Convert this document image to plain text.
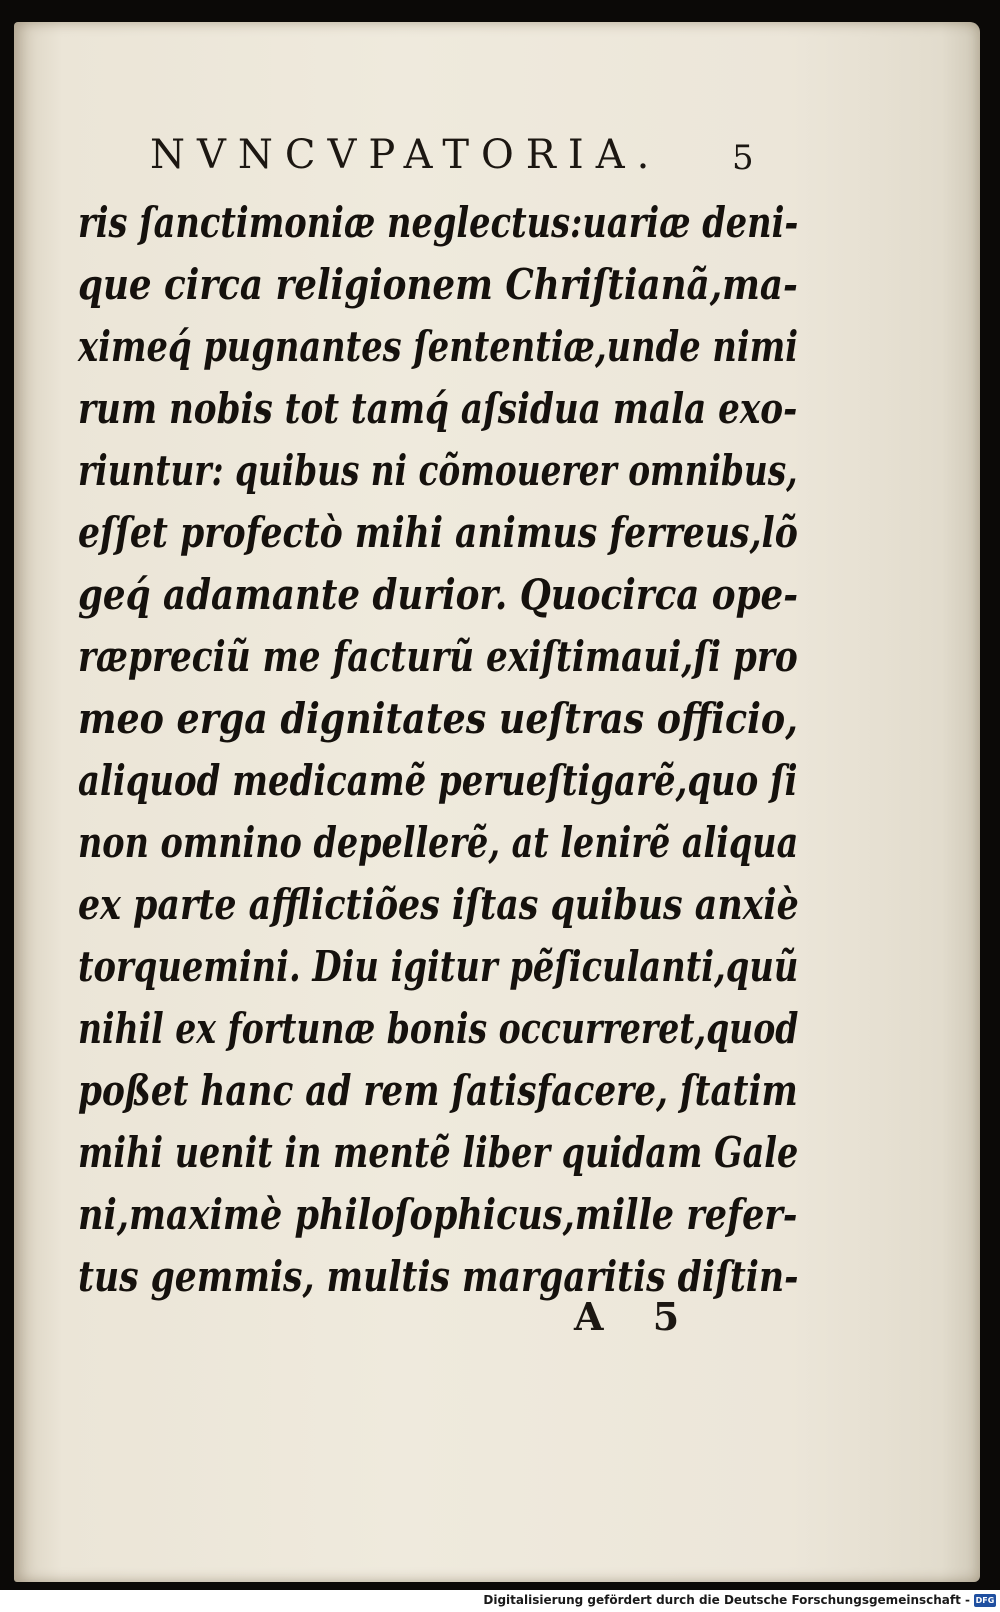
NVNCVPATORIA. 5
ris ſanctimoniæ neglectus:uariæ deni-
que circa religionem Chriſtianã,ma-
ximeq́ pugnantes ſententiæ,unde nimi
rum nobis tot tamq́ aſsidua mala exo-
riuntur: quibus ni cõmouerer omnibus,
eſſet profectò mihi animus ferreus,lõ
geq́ adamante durior. Quocirca ope-
ræpreciũ me facturũ exiſtimaui,ſi pro
meo erga dignitates ueſtras officio,
aliquod medicamẽ perueſtigarẽ,quo ſi
non omnino depellerẽ, at lenirẽ aliqua
ex parte afflictiões iſtas quibus anxiè
torquemini. Diu igitur pẽſiculanti,quũ
nihil ex fortunæ bonis occurreret,quod
poßet hanc ad rem ſatisfacere, ſtatim
mihi uenit in mentẽ liber quidam Gale
ni,maximè philoſophicus,mille refer-
tus gemmis, multis margaritis diſtin-
A 5
Digitalisierung gefördert durch die Deutsche Forschungsgemeinschaft - DFG
